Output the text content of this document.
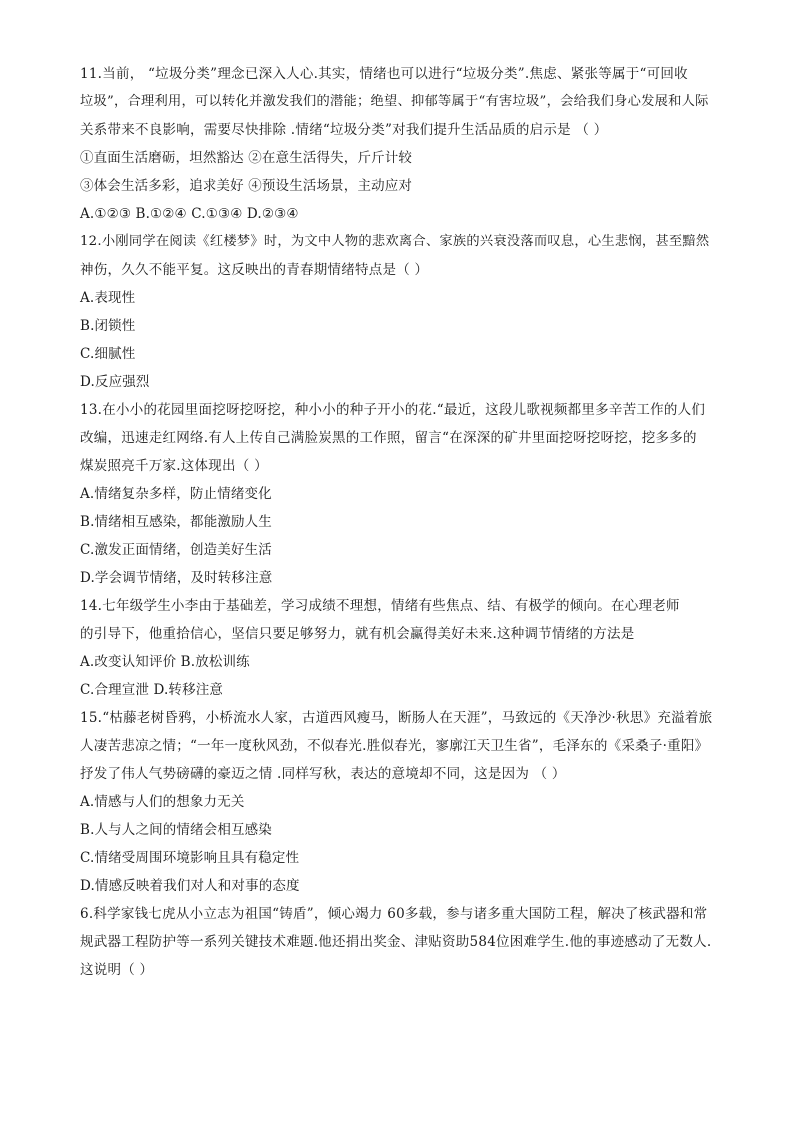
11.当前， “垃圾分类”理念已深入人心.其实，情绪也可以进行“垃圾分类”.焦虑、紧张等属于“可回收
垃圾”，合理利用，可以转化并激发我们的潜能；绝望、抑郁等属于“有害垃圾”，会给我们身心发展和人际
关系带来不良影响，需要尽快排除 .情绪“垃圾分类”对我们提升生活品质的启示是 （ ）
①直面生活磨砺，坦然豁达 ②在意生活得失，斤斤计较
③体会生活多彩，追求美好 ④预设生活场景，主动应对
A.①②③ B.①②④ C.①③④ D.②③④
12.小刚同学在阅读《红楼梦》时，为文中人物的悲欢离合、家族的兴衰没落而叹息，心生悲悯，甚至黯然
神伤，久久不能平复。这反映出的青春期情绪特点是（ ）
A.表现性
B.闭锁性
C.细腻性
D.反应强烈
13.在小小的花园里面挖呀挖呀挖，种小小的种子开小的花.“最近，这段儿歌视频都里多辛苦工作的人们
改编，迅速走红网络.有人上传自己满脸炭黑的工作照，留言“在深深的矿井里面挖呀挖呀挖，挖多多的
煤炭照亮千万家.这体现出（ ）
A.情绪复杂多样，防止情绪变化
B.情绪相互感染，都能激励人生
C.激发正面情绪，创造美好生活
D.学会调节情绪，及时转移注意
14.七年级学生小李由于基础差，学习成绩不理想，情绪有些焦点、结、有极学的倾向。在心理老师
的引导下，他重拾信心，坚信只要足够努力，就有机会赢得美好未来.这种调节情绪的方法是
A.改变认知评价 B.放松训练
C.合理宣泄 D.转移注意
15.“枯藤老树昏鸦，小桥流水人家，古道西风瘦马，断肠人在天涯”，马致远的《天净沙·秋思》充溢着旅
人凄苦悲凉之情；“一年一度秋风劲，不似春光.胜似春光，寥廓江天卫生省”，毛泽东的《采桑子·重阳》
抒发了伟人气势磅礴的豪迈之情 .同样写秋，表达的意境却不同，这是因为 （ ）
A.情感与人们的想象力无关
B.人与人之间的情绪会相互感染
C.情绪受周围环境影响且具有稳定性
D.情感反映着我们对人和对事的态度
6.科学家钱七虎从小立志为祖国“铸盾”，倾心竭力 60多载，参与诸多重大国防工程，解决了核武器和常
规武器工程防护等一系列关键技术难题.他还捐出奖金、津贴资助584位困难学生.他的事迹感动了无数人.
这说明（ ）
